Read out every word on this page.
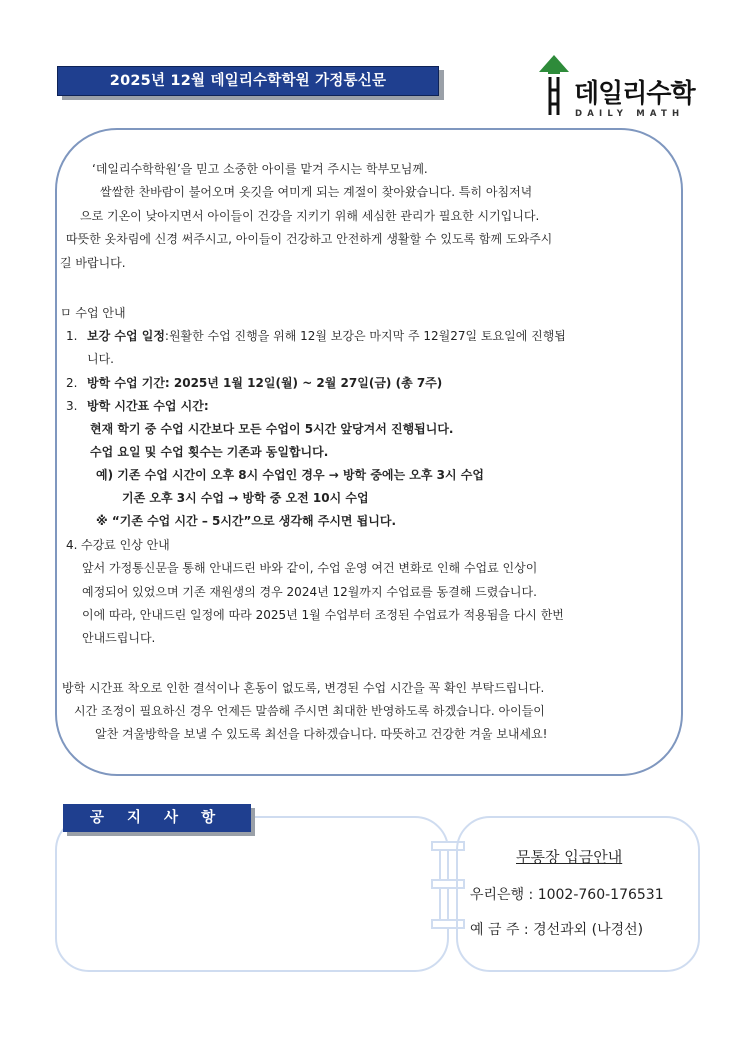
2025년 12월 데일리수학학원 가정통신문	데일리수학
DAILY MATH
‘데일리수학학원’을 믿고 소중한 아이를 맡겨 주시는 학부모님께.
쌀쌀한 찬바람이 불어오며 옷깃을 여미게 되는 계절이 찾아왔습니다. 특히 아침저녁
으로 기온이 낮아지면서 아이들이 건강을 지키기 위해 세심한 관리가 필요한 시기입니다.
따뜻한 옷차림에 신경 써주시고, 아이들이 건강하고 안전하게 생활할 수 있도록 함께 도와주시
길 바랍니다.
ㅁ 수업 안내
1. 보강 수업 일정:원활한 수업 진행을 위해 12월 보강은 마지막 주 12월27일 토요일에 진행됩
니다.
2. 방학 수업 기간: 2025년 1월 12일(월) ~ 2월 27일(금) (총 7주)
3. 방학 시간표 수업 시간:
현재 학기 중 수업 시간보다 모든 수업이 5시간 앞당겨서 진행됩니다.
수업 요일 및 수업 횟수는 기존과 동일합니다.
예) 기존 수업 시간이 오후 8시 수업인 경우 → 방학 중에는 오후 3시 수업
기존 오후 3시 수업 → 방학 중 오전 10시 수업
※ “기존 수업 시간 – 5시간”으로 생각해 주시면 됩니다.
4. 수강료 인상 안내
앞서 가정통신문을 통해 안내드린 바와 같이, 수업 운영 여건 변화로 인해 수업료 인상이
예정되어 있었으며 기존 재원생의 경우 2024년 12월까지 수업료를 동결해 드렸습니다.
이에 따라, 안내드린 일정에 따라 2025년 1월 수업부터 조정된 수업료가 적용됨을 다시 한번
안내드립니다.
방학 시간표 착오로 인한 결석이나 혼동이 없도록, 변경된 수업 시간을 꼭 확인 부탁드립니다.
시간 조정이 필요하신 경우 언제든 말씀해 주시면 최대한 반영하도록 하겠습니다. 아이들이
알찬 겨울방학을 보낼 수 있도록 최선을 다하겠습니다. 따뜻하고 건강한 겨울 보내세요!
공 지 사 항
무통장 입금안내
우리은행 : 1002-760-176531
예 금 주 : 경선과외 (나경선)
